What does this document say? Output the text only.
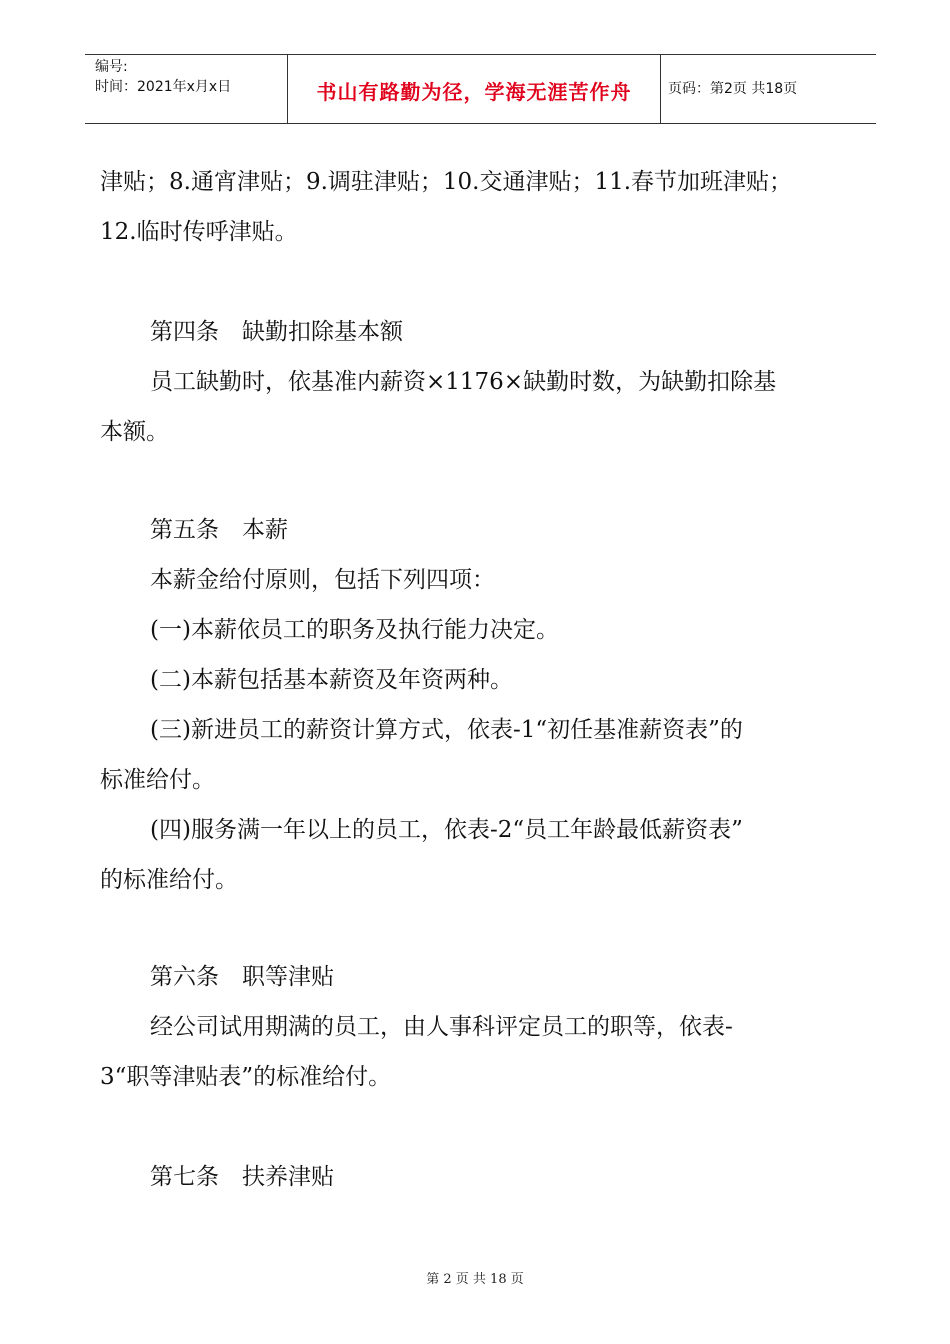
编号:
时间：2021年x月x日	书山有路勤为径，学海无涯苦作舟	页码：第2页 共18页
津贴；8.通宵津贴；9.调驻津贴；10.交通津贴；11.春节加班津贴；
12.临时传呼津贴。
第四条　缺勤扣除基本额
员工缺勤时，依基准内薪资×1176×缺勤时数，为缺勤扣除基
本额。
第五条　本薪
本薪金给付原则，包括下列四项：
(一)本薪依员工的职务及执行能力决定。
(二)本薪包括基本薪资及年资两种。
(三)新进员工的薪资计算方式，依表-1“初任基准薪资表”的
标准给付。
(四)服务满一年以上的员工，依表-2“员工年龄最低薪资表”
的标准给付。
第六条　职等津贴
经公司试用期满的员工，由人事科评定员工的职等，依表-
3“职等津贴表”的标准给付。
第七条　扶养津贴
第 2 页 共 18 页
